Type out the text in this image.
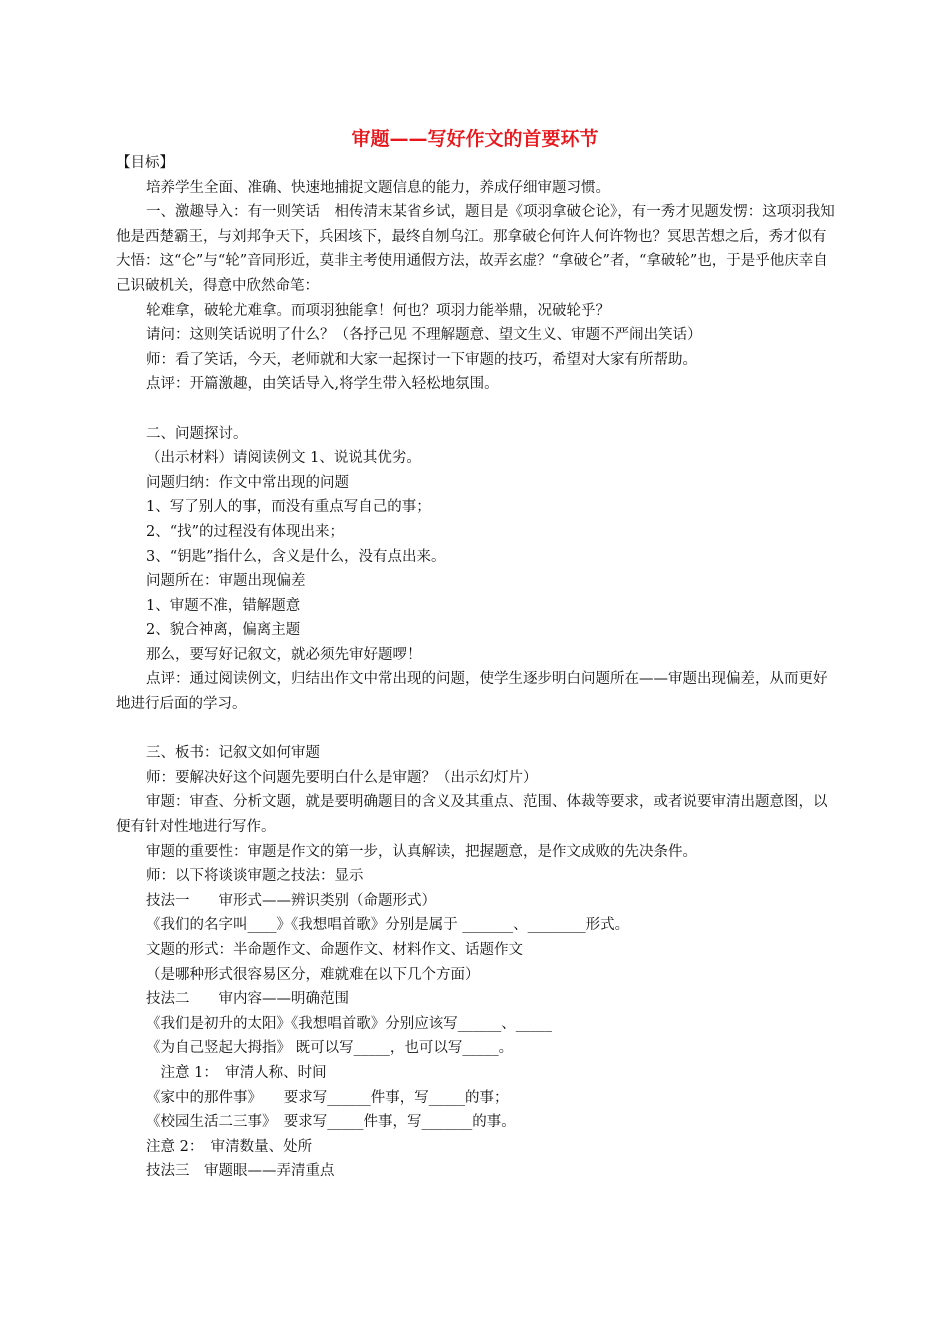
审题——写好作文的首要环节

【目标】

培养学生全面、准确、快速地捕捉文题信息的能力，养成仔细审题习惯。

一、激趣导入：有一则笑话　相传清末某省乡试，题目是《项羽拿破仑论》，有一秀才见题发愣：这项羽我知他是西楚霸王，与刘邦争天下，兵困垓下，最终自刎乌江。那拿破仑何许人何许物也？冥思苦想之后，秀才似有大悟：这“仑”与“轮”音同形近，莫非主考使用通假方法，故弄玄虚？“拿破仑”者，“拿破轮”也，于是乎他庆幸自己识破机关，得意中欣然命笔：

轮难拿，破轮尤难拿。而项羽独能拿！何也？项羽力能举鼎，况破轮乎？

请问：这则笑话说明了什么？（各抒己见 不理解题意、望文生义、审题不严闹出笑话）

师：看了笑话，今天，老师就和大家一起探讨一下审题的技巧，希望对大家有所帮助。

点评：开篇激趣，由笑话导入,将学生带入轻松地氛围。

二、问题探讨。

（出示材料）请阅读例文 1、说说其优劣。

问题归纳：作文中常出现的问题

1、写了别人的事，而没有重点写自己的事；

2、“找”的过程没有体现出来；

3、“钥匙”指什么，含义是什么，没有点出来。

问题所在：审题出现偏差

1、审题不准，错解题意

2、貌合神离，偏离主题

那么，要写好记叙文，就必须先审好题啰！

点评：通过阅读例文，归结出作文中常出现的问题，使学生逐步明白问题所在——审题出现偏差，从而更好地进行后面的学习。

三、板书：记叙文如何审题

师：要解决好这个问题先要明白什么是审题？（出示幻灯片）

审题：审查、分析文题，就是要明确题目的含义及其重点、范围、体裁等要求，或者说要审清出题意图，以便有针对性地进行写作。

审题的重要性：审题是作文的第一步，认真解读，把握题意，是作文成败的先决条件。

师：以下将谈谈审题之技法：显示

技法一　　审形式——辨识类别（命题形式）

《我们的名字叫____》《我想唱首歌》分别是属于 _______、________形式。

文题的形式：半命题作文、命题作文、材料作文、话题作文

（是哪种形式很容易区分，难就难在以下几个方面）

技法二　　审内容——明确范围

《我们是初升的太阳》《我想唱首歌》分别应该写______、_____

《为自己竖起大拇指》 既可以写_____，也可以写_____。

　注意 1：　审清人称、时间

《家中的那件事》　　要求写______件事，写_____的事；

《校园生活二三事》　要求写_____件事，写_______的事。

注意 2：　审清数量、处所

技法三　审题眼——弄清重点
